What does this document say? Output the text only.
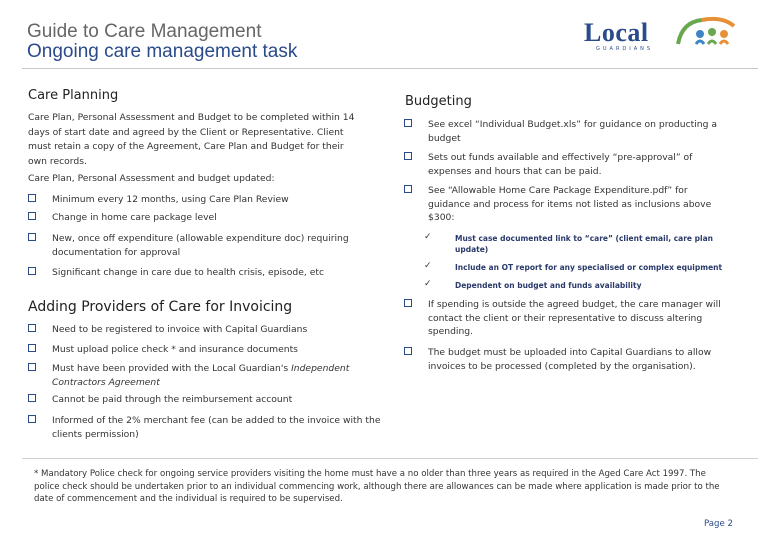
Guide to Care Management
Ongoing care management task
Local
GUARDIANS
Care Planning
Care Plan, Personal Assessment and Budget to be completed within 14 days of start date and agreed by the Client or Representative. Client must retain a copy of the Agreement, Care Plan and Budget for their own records.
Care Plan, Personal Assessment and budget updated:
Minimum every 12 months, using Care Plan Review
Change in home care package level
New, once off expenditure (allowable expenditure doc) requiring documentation for approval
Significant change in care due to health crisis, episode, etc
Adding Providers of Care for Invoicing
Need to be registered to invoice with Capital Guardians
Must upload police check * and insurance documents
Must have been provided with the Local Guardian's Independent Contractors Agreement
Cannot be paid through the reimbursement account
Informed of the 2% merchant fee (can be added to the invoice with the clients permission)
Budgeting
See excel “Individual Budget.xls” for guidance on producting a budget
Sets out funds available and effectively “pre-approval” of expenses and hours that can be paid.
See “Allowable Home Care Package Expenditure.pdf” for guidance and process for items not listed as inclusions above $300:
✓	Must case documented link to “care” (client email, care plan update)
✓	Include an OT report for any specialised or complex equipment
✓	Dependent on budget and funds availability
If spending is outside the agreed budget, the care manager will contact the client or their representative to discuss altering spending.
The budget must be uploaded into Capital Guardians to allow invoices to be processed (completed by the organisation).
* Mandatory Police check for ongoing service providers visiting the home must have a no older than three years as required in the Aged Care Act 1997. The police check should be undertaken prior to an individual commencing work, although there are allowances can be made where application is made prior to the date of commencement and the individual is required to be supervised.
Page 2
